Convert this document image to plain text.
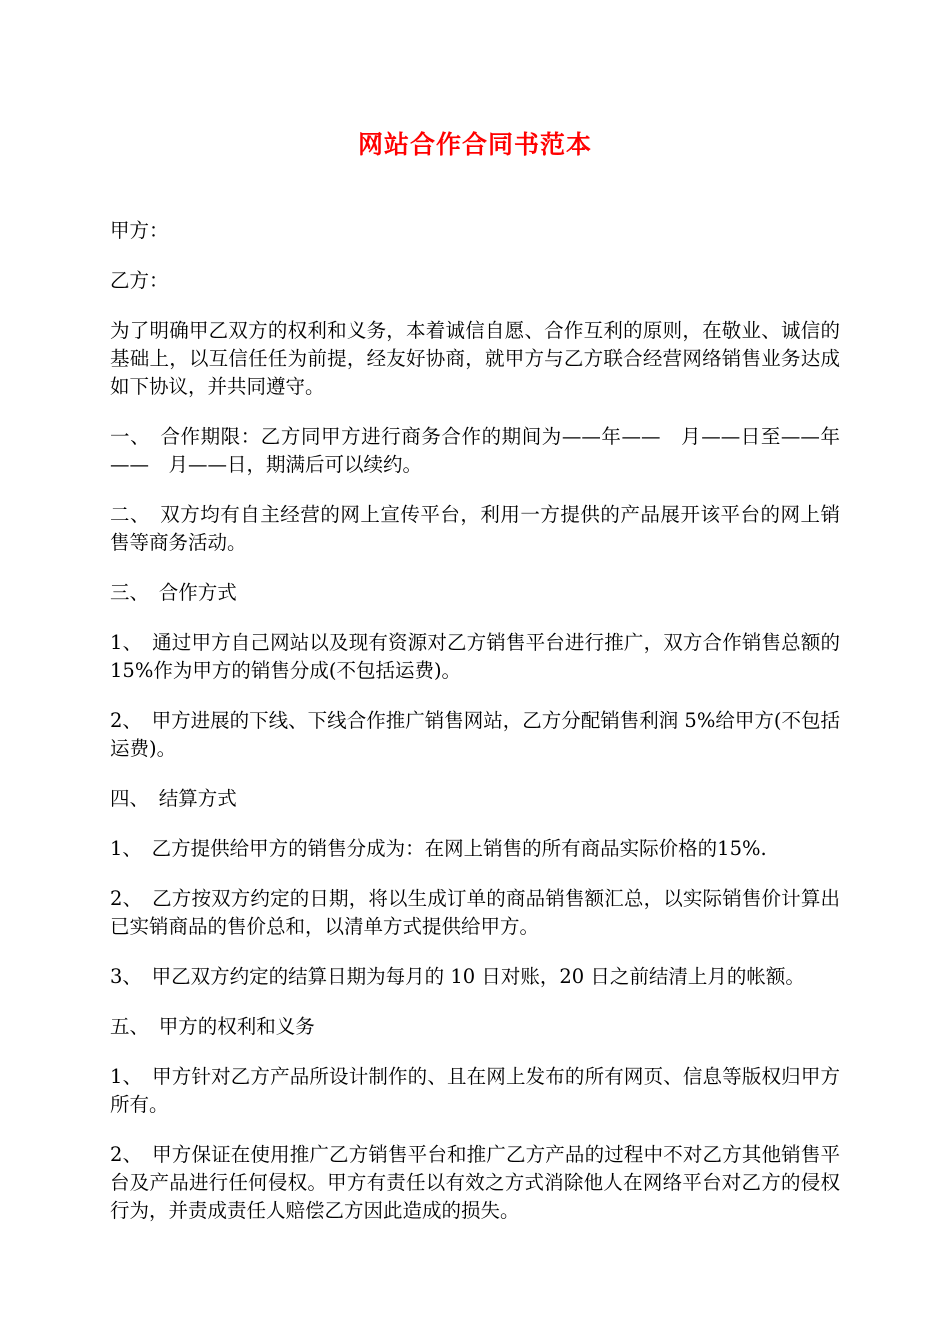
网站合作合同书范本

甲方：

乙方：

为了明确甲乙双方的权利和义务，本着诚信自愿、合作互利的原则，在敬业、诚信的基础上，以互信任任为前提，经友好协商，就甲方与乙方联合经营网络销售业务达成如下协议，并共同遵守。

一、　合作期限：乙方同甲方进行商务合作的期间为——年——　月——日至——年——　月——日，期满后可以续约。

二、　双方均有自主经营的网上宣传平台，利用一方提供的产品展开该平台的网上销售等商务活动。

三、　合作方式

1、　通过甲方自己网站以及现有资源对乙方销售平台进行推广，双方合作销售总额的15%作为甲方的销售分成(不包括运费)。

2、　甲方进展的下线、下线合作推广销售网站，乙方分配销售利润 5%给甲方(不包括运费)。

四、　结算方式

1、　乙方提供给甲方的销售分成为：在网上销售的所有商品实际价格的15%.

2、　乙方按双方约定的日期，将以生成订单的商品销售额汇总，以实际销售价计算出已实销商品的售价总和，以清单方式提供给甲方。

3、　甲乙双方约定的结算日期为每月的 10 日对账，20 日之前结清上月的帐额。

五、　甲方的权利和义务

1、　甲方针对乙方产品所设计制作的、且在网上发布的所有网页、信息等版权归甲方所有。

2、　甲方保证在使用推广乙方销售平台和推广乙方产品的过程中不对乙方其他销售平台及产品进行任何侵权。甲方有责任以有效之方式消除他人在网络平台对乙方的侵权行为，并责成责任人赔偿乙方因此造成的损失。
